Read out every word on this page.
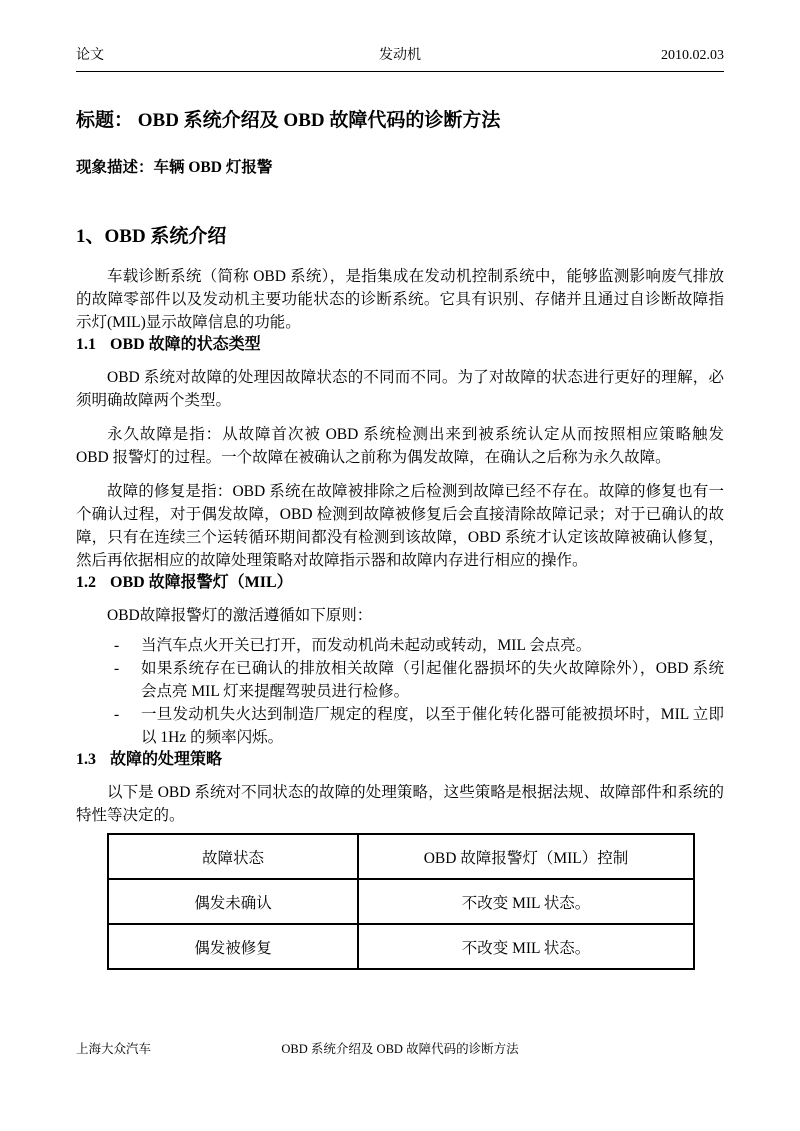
论文	发动机	2010.02.03
标题： OBD 系统介绍及 OBD 故障代码的诊断方法
现象描述：车辆 OBD 灯报警
1、OBD 系统介绍

车载诊断系统（简称 OBD 系统），是指集成在发动机控制系统中，能够监测影响废气排放的故障零部件以及发动机主要功能状态的诊断系统。它具有识别、存储并且通过自诊断故障指示灯(MIL)显示故障信息的功能。

1.1 OBD 故障的状态类型

OBD 系统对故障的处理因故障状态的不同而不同。为了对故障的状态进行更好的理解，必须明确故障两个类型。

永久故障是指：从故障首次被 OBD 系统检测出来到被系统认定从而按照相应策略触发 OBD 报警灯的过程。一个故障在被确认之前称为偶发故障，在确认之后称为永久故障。

故障的修复是指：OBD 系统在故障被排除之后检测到故障已经不存在。故障的修复也有一个确认过程，对于偶发故障，OBD 检测到故障被修复后会直接清除故障记录；对于已确认的故障，只有在连续三个运转循环期间都没有检测到该故障，OBD 系统才认定该故障被确认修复，然后再依据相应的故障处理策略对故障指示器和故障内存进行相应的操作。

1.2 OBD 故障报警灯（MIL）

OBD故障报警灯的激活遵循如下原则：

-	当汽车点火开关已打开，而发动机尚未起动或转动，MIL 会点亮。
-	如果系统存在已确认的排放相关故障（引起催化器损坏的失火故障除外），OBD 系统会点亮 MIL 灯来提醒驾驶员进行检修。
-	一旦发动机失火达到制造厂规定的程度，以至于催化转化器可能被损坏时，MIL 立即以 1Hz 的频率闪烁。
1.3 故障的处理策略

以下是 OBD 系统对不同状态的故障的处理策略，这些策略是根据法规、故障部件和系统的特性等决定的。

故障状态	OBD 故障报警灯（MIL）控制
偶发未确认	不改变 MIL 状态。
偶发被修复	不改变 MIL 状态。
上海大众汽车	OBD 系统介绍及 OBD 故障代码的诊断方法
